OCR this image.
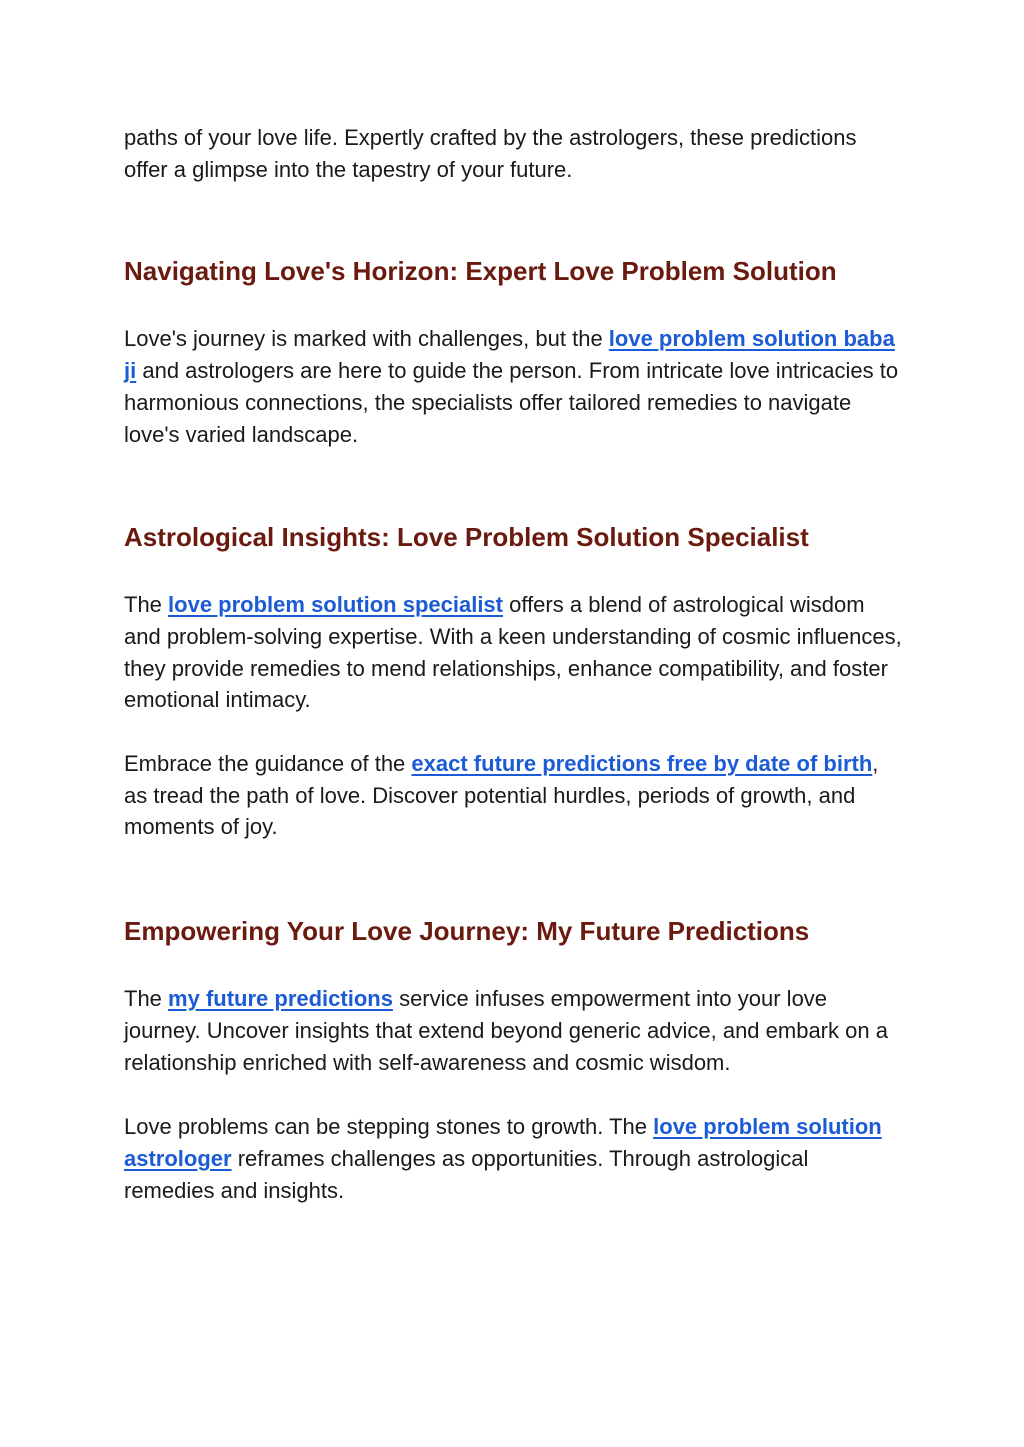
paths of your love life. Expertly crafted by the astrologers, these predictions offer a glimpse into the tapestry of your future.

Navigating Love's Horizon: Expert Love Problem Solution

Love's journey is marked with challenges, but the love problem solution baba ji and astrologers are here to guide the person. From intricate love intricacies to harmonious connections, the specialists offer tailored remedies to navigate love's varied landscape.

Astrological Insights: Love Problem Solution Specialist

The love problem solution specialist offers a blend of astrological wisdom and problem-solving expertise. With a keen understanding of cosmic influences, they provide remedies to mend relationships, enhance compatibility, and foster emotional intimacy.

Embrace the guidance of the exact future predictions free by date of birth, as tread the path of love. Discover potential hurdles, periods of growth, and moments of joy.

Empowering Your Love Journey: My Future Predictions

The my future predictions service infuses empowerment into your love journey. Uncover insights that extend beyond generic advice, and embark on a relationship enriched with self-awareness and cosmic wisdom.

Love problems can be stepping stones to growth. The love problem solution astrologer reframes challenges as opportunities. Through astrological remedies and insights.
